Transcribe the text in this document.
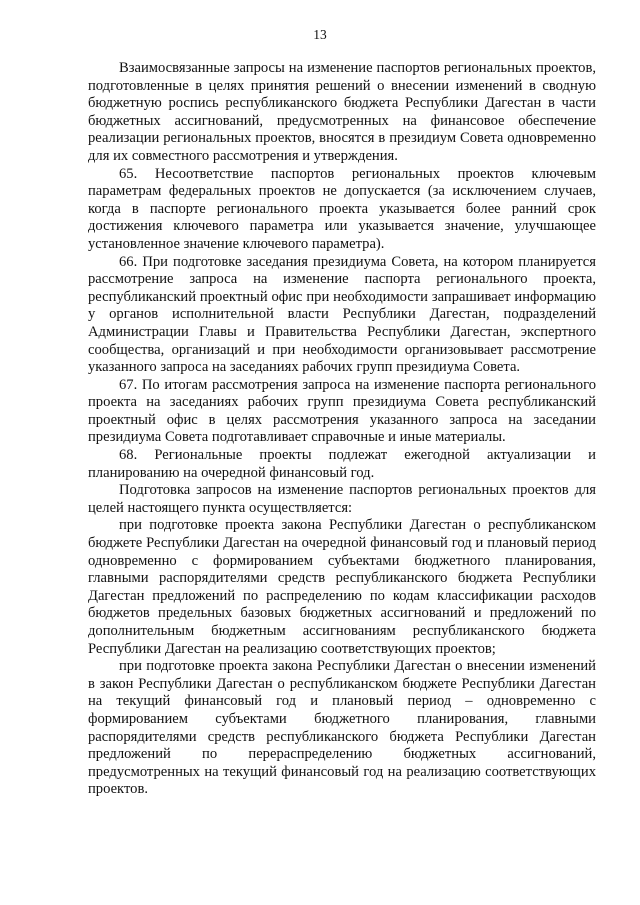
13

Взаимосвязанные запросы на изменение паспортов региональных проектов, подготовленные в целях принятия решений о внесении изменений в сводную бюджетную роспись республиканского бюджета Республики Дагестан в части бюджетных ассигнований, предусмотренных на финансовое обеспечение реализации региональных проектов, вносятся в президиум Совета одновременно для их совместного рассмотрения и утверждения.

65. Несоответствие паспортов региональных проектов ключевым параметрам федеральных проектов не допускается (за исключением случаев, когда в паспорте регионального проекта указывается более ранний срок достижения ключевого параметра или указывается значение, улучшающее установленное значение ключевого параметра).

66. При подготовке заседания президиума Совета, на котором планируется рассмотрение запроса на изменение паспорта регионального проекта, республиканский проектный офис при необходимости запрашивает информацию у органов исполнительной власти Республики Дагестан, подразделений Администрации Главы и Правительства Республики Дагестан, экспертного сообщества, организаций и при необходимости организовывает рассмотрение указанного запроса на заседаниях рабочих групп президиума Совета.

67. По итогам рассмотрения запроса на изменение паспорта регионального проекта на заседаниях рабочих групп президиума Совета республиканский проектный офис в целях рассмотрения указанного запроса на заседании президиума Совета подготавливает справочные и иные материалы.

68. Региональные проекты подлежат ежегодной актуализации и планированию на очередной финансовый год.

Подготовка запросов на изменение паспортов региональных проектов для целей настоящего пункта осуществляется:

при подготовке проекта закона Республики Дагестан о республиканском бюджете Республики Дагестан на очередной финансовый год и плановый период одновременно с формированием субъектами бюджетного планирования, главными распорядителями средств республиканского бюджета Республики Дагестан предложений по распределению по кодам классификации расходов бюджетов предельных базовых бюджетных ассигнований и предложений по дополнительным бюджетным ассигнованиям республиканского бюджета Республики Дагестан на реализацию соответствующих проектов;

при подготовке проекта закона Республики Дагестан о внесении изменений в закон Республики Дагестан о республиканском бюджете Республики Дагестан на текущий финансовый год и плановый период – одновременно с формированием субъектами бюджетного планирования, главными распорядителями средств республиканского бюджета Республики Дагестан предложений по перераспределению бюджетных ассигнований, предусмотренных на текущий финансовый год на реализацию соответствующих проектов.
